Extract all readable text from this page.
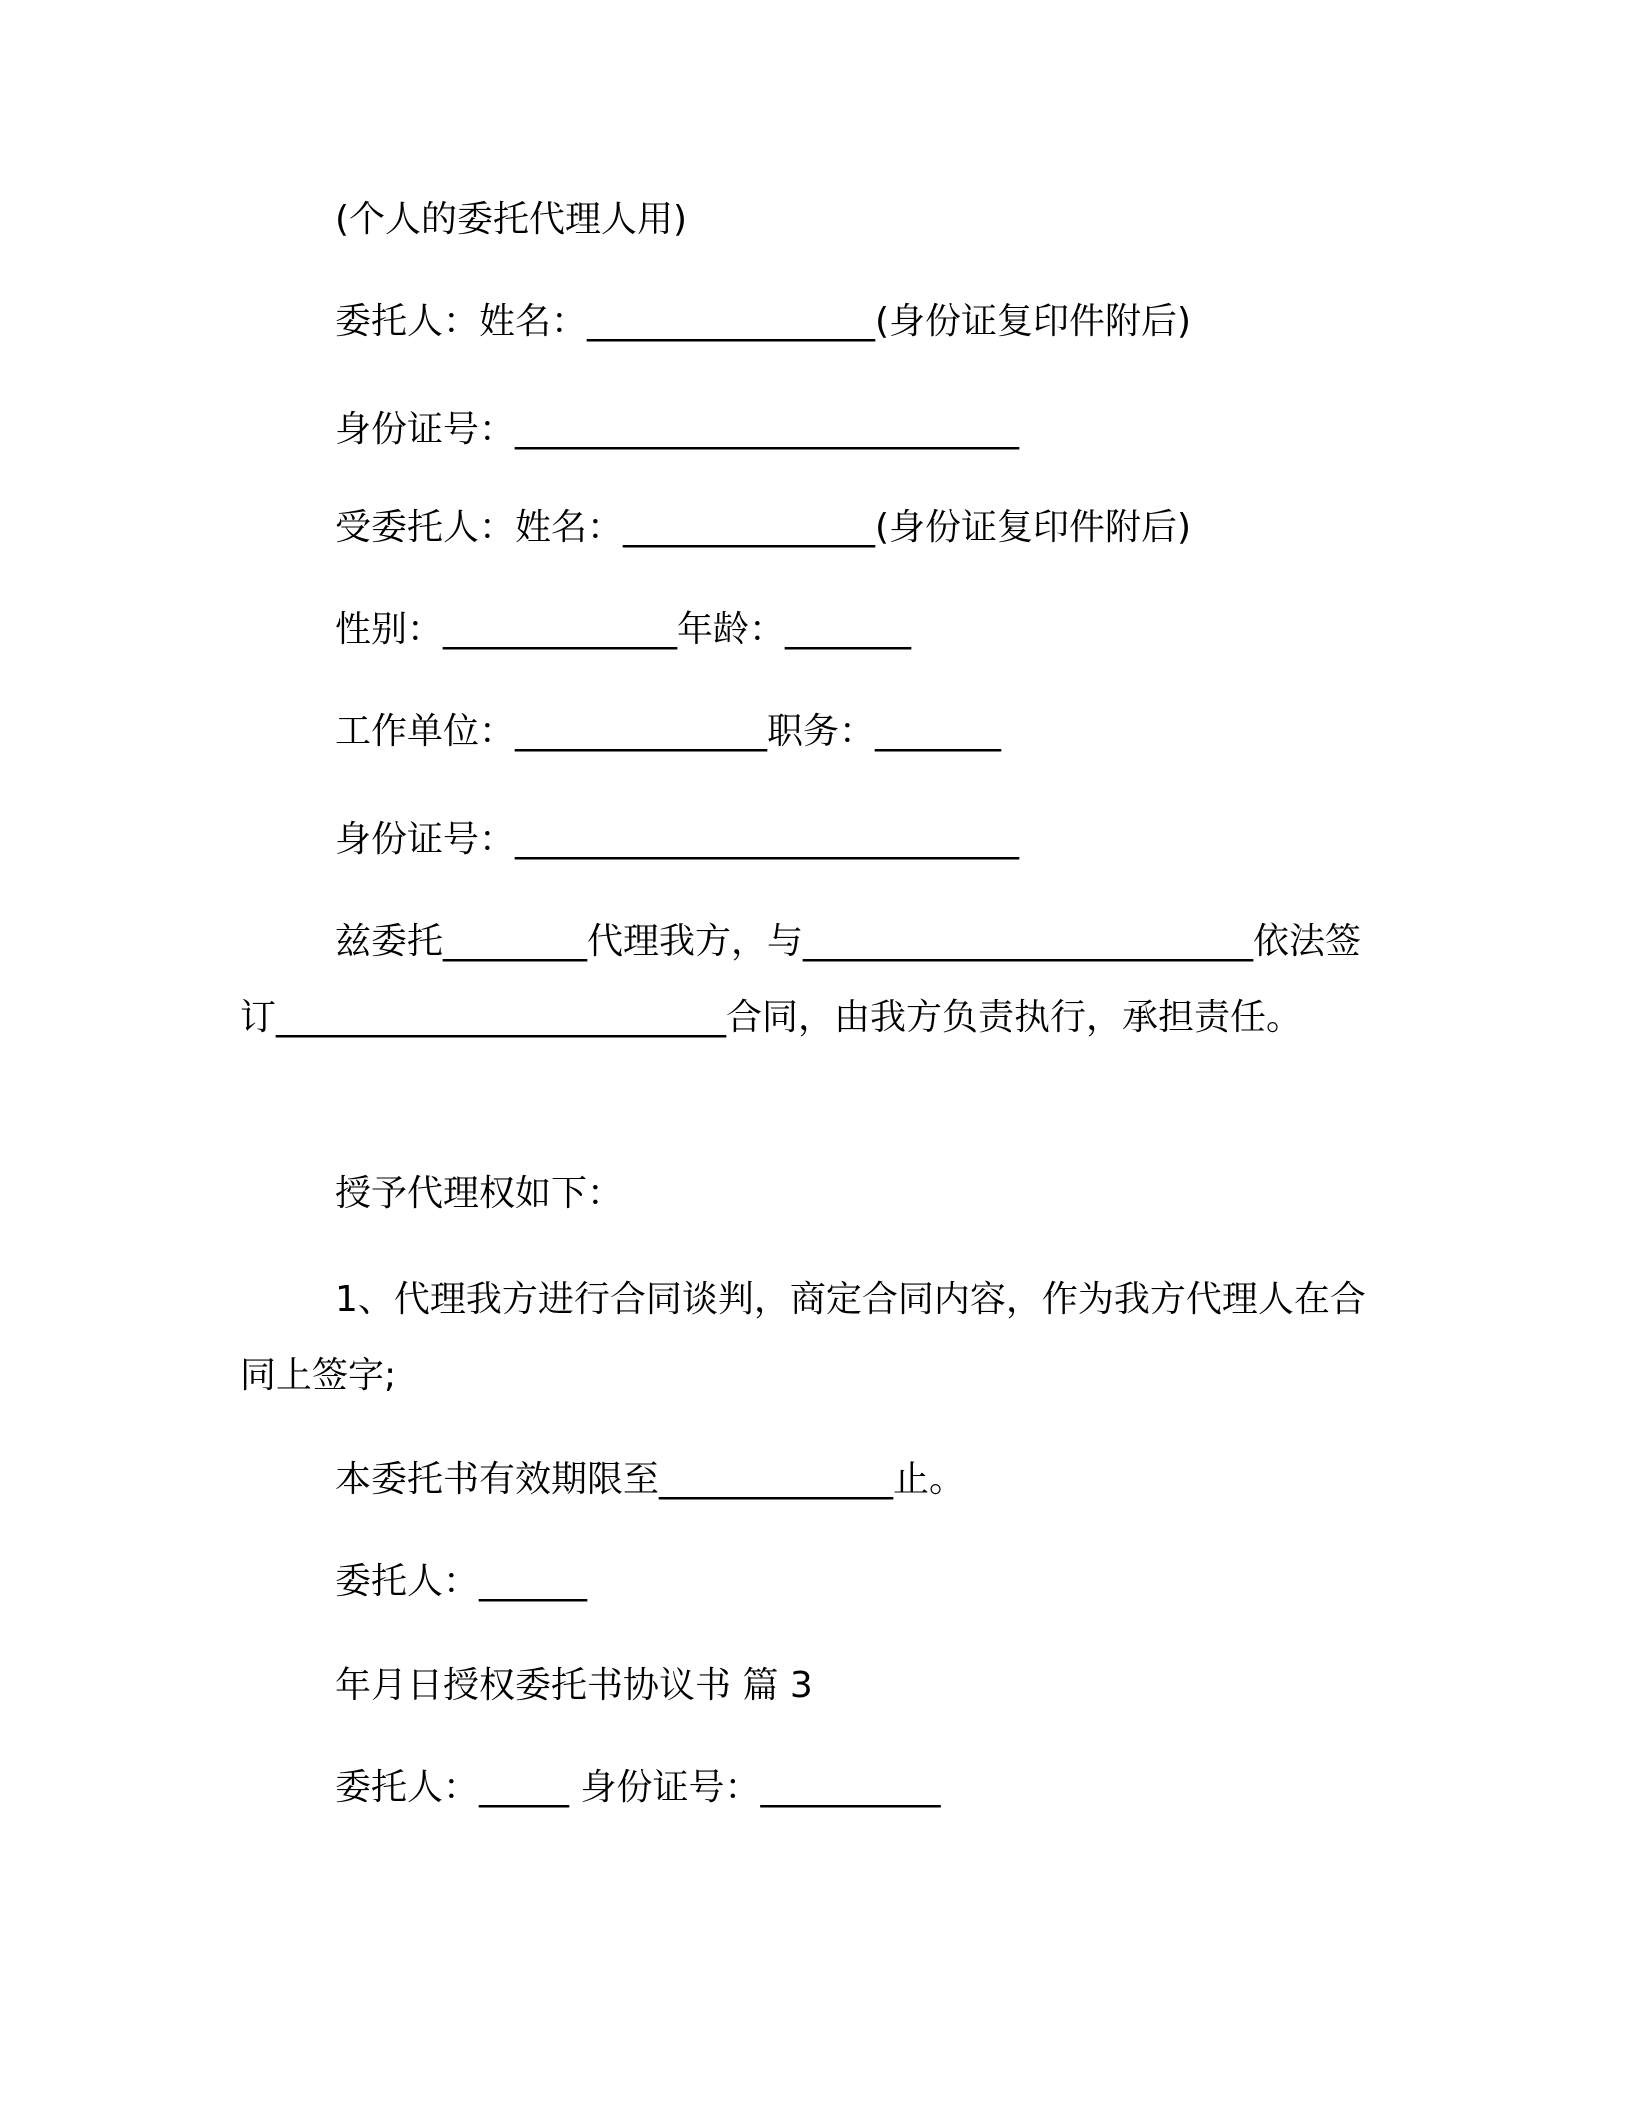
(个人的委托代理人用)
委托人：姓名：________________(身份证复印件附后)
身份证号：____________________________
受委托人：姓名：______________(身份证复印件附后)
性别：_____________年龄：_______
工作单位：______________职务：_______
身份证号：____________________________
兹委托________代理我方，与_________________________依法签订_________________________合同，由我方负责执行，承担责任。
授予代理权如下：
1、代理我方进行合同谈判，商定合同内容，作为我方代理人在合同上签字;
本委托书有效期限至_____________止。
委托人：______
年月日授权委托书协议书 篇 3
委托人：_____ 身份证号：__________
